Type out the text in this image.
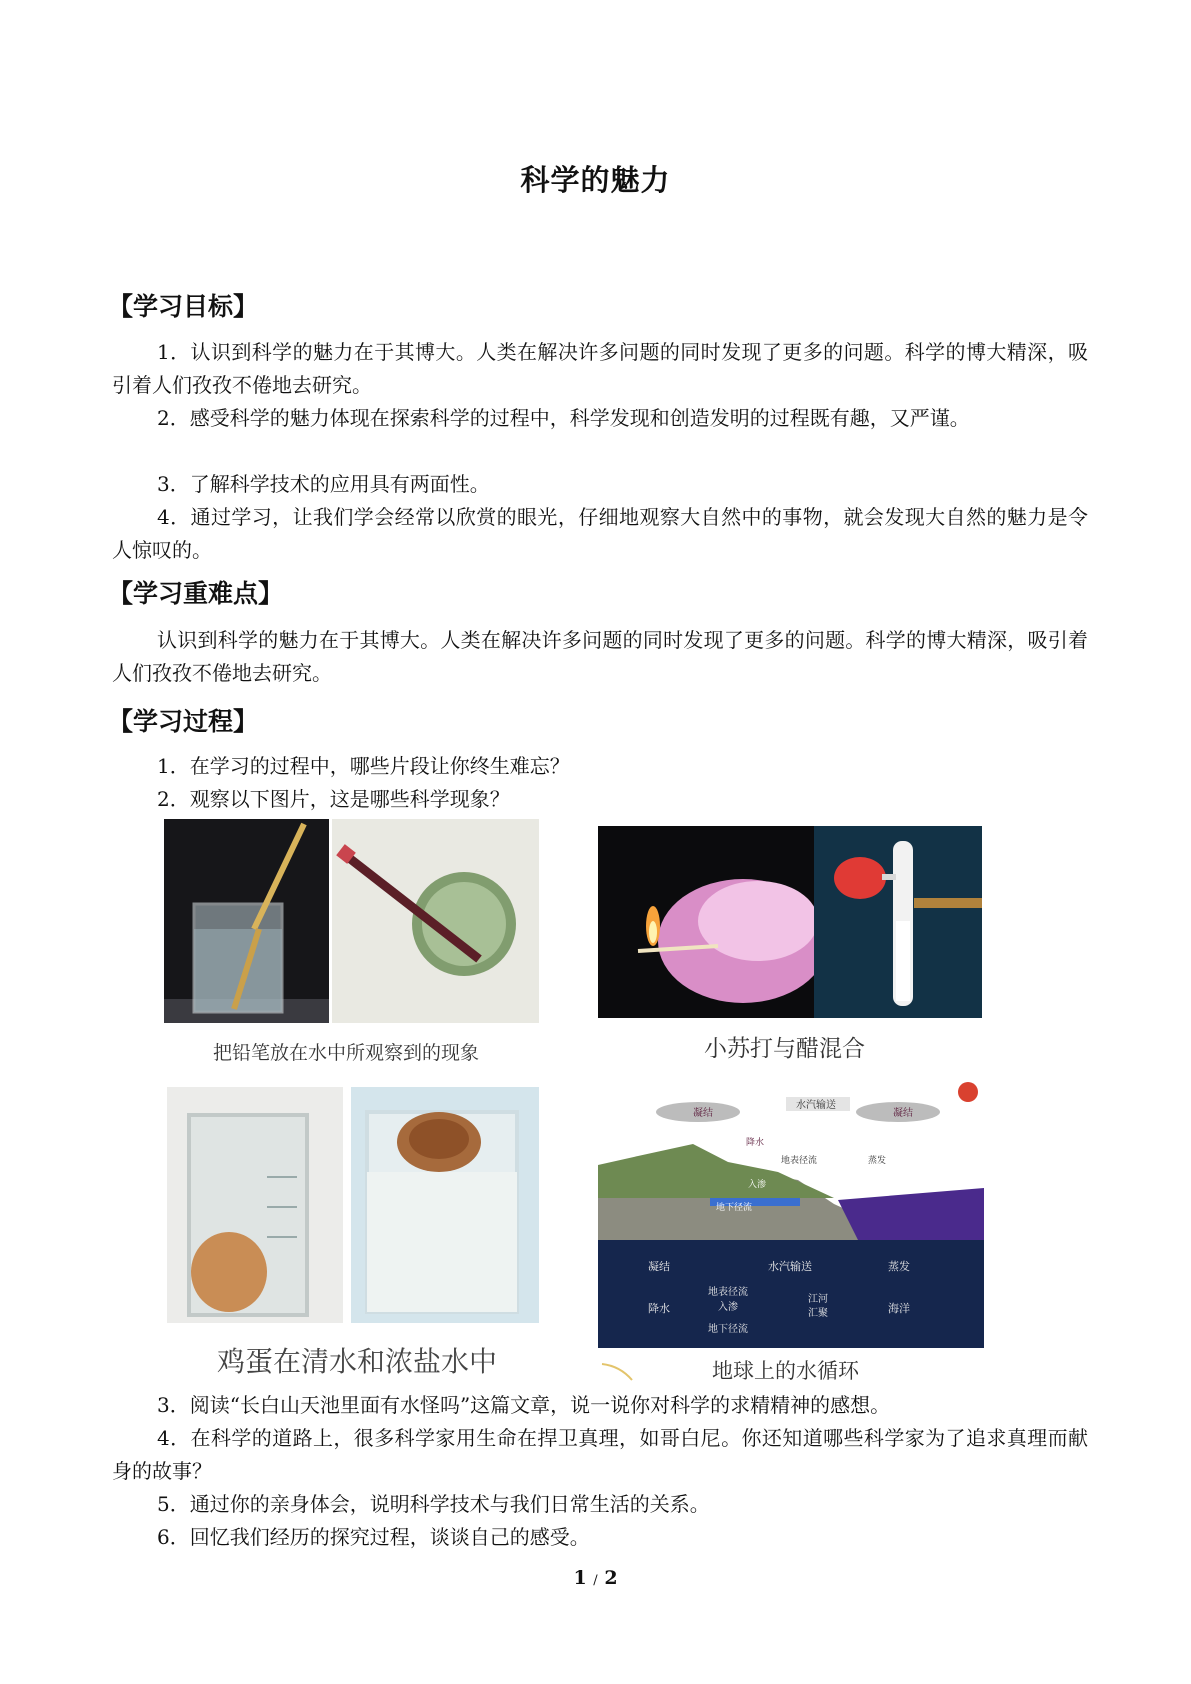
科学的魅力
【学习目标】
1．认识到科学的魅力在于其博大。人类在解决许多问题的同时发现了更多的问题。科学的博大精深，吸引着人们孜孜不倦地去研究。
2．感受科学的魅力体现在探索科学的过程中，科学发现和创造发明的过程既有趣，又严谨。
3．了解科学技术的应用具有两面性。
4．通过学习，让我们学会经常以欣赏的眼光，仔细地观察大自然中的事物，就会发现大自然的魅力是令人惊叹的。
【学习重难点】
认识到科学的魅力在于其博大。人类在解决许多问题的同时发现了更多的问题。科学的博大精深，吸引着人们孜孜不倦地去研究。
【学习过程】
1．在学习的过程中，哪些片段让你终生难忘？
2．观察以下图片，这是哪些科学现象？
把铅笔放在水中所观察到的现象	小苏打与醋混合
鸡蛋在清水和浓盐水中
凝结	凝结
水汽输送
降水
地表径流	蒸发
入渗
地下径流
凝结	水汽输送	蒸发
地表径流
入渗
降水
江河
汇聚
地下径流
海洋
地球上的水循环
3．阅读“长白山天池里面有水怪吗”这篇文章，说一说你对科学的求精精神的感想。
4．在科学的道路上，很多科学家用生命在捍卫真理，如哥白尼。你还知道哪些科学家为了追求真理而献身的故事？
5．通过你的亲身体会，说明科学技术与我们日常生活的关系。
6．回忆我们经历的探究过程，谈谈自己的感受。
1 / 2
